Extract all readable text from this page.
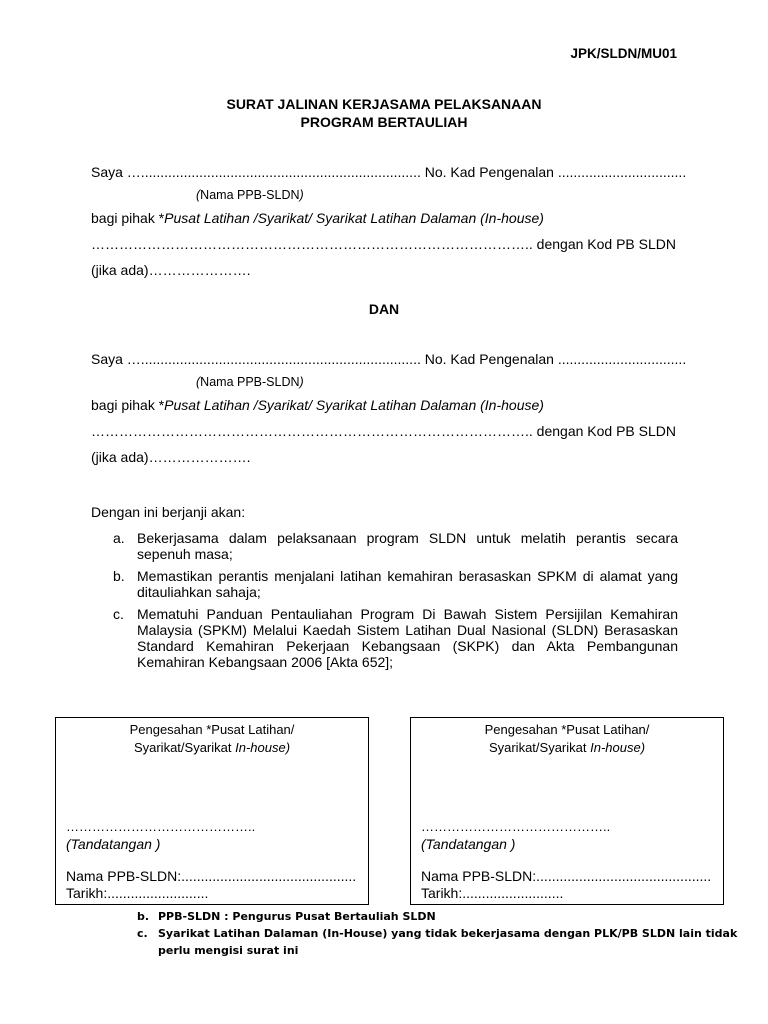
JPK/SLDN/MU01
SURAT JALINAN KERJASAMA PELAKSANAAN
PROGRAM BERTAULIAH
Saya …........................................................................ No. Kad Pengenalan .................................
(Nama PPB-SLDN)
bagi pihak *Pusat Latihan /Syarikat/ Syarikat Latihan Dalaman (In-house)
………………………………………………………………………………….. dengan Kod PB SLDN
(jika ada)………………….
DAN
Saya …........................................................................ No. Kad Pengenalan .................................
(Nama PPB-SLDN)
bagi pihak *Pusat Latihan /Syarikat/ Syarikat Latihan Dalaman (In-house)
………………………………………………………………………………….. dengan Kod PB SLDN
(jika ada)………………….
Dengan ini berjanji akan:
a. Bekerjasama dalam pelaksanaan program SLDN untuk melatih perantis secara sepenuh masa;
b. Memastikan perantis menjalani latihan kemahiran berasaskan SPKM di alamat yang ditauliahkan sahaja;
c. Mematuhi Panduan Pentauliahan Program Di Bawah Sistem Persijilan Kemahiran Malaysia (SPKM) Melalui Kaedah Sistem Latihan Dual Nasional (SLDN) Berasaskan Standard Kemahiran Pekerjaan Kebangsaan (SKPK) dan Akta Pembangunan Kemahiran Kebangsaan 2006 [Akta 652];
Pengesahan *Pusat Latihan/
Syarikat/Syarikat In-house)
……………………………………..
(Tandatangan )
Nama PPB-SLDN:.............................................
Tarikh:..........................
Pengesahan *Pusat Latihan/
Syarikat/Syarikat In-house)
……………………………………..
(Tandatangan )
Nama PPB-SLDN:.............................................
Tarikh:..........................
b. PPB-SLDN : Pengurus Pusat Bertauliah SLDN
c. Syarikat Latihan Dalaman (In-House) yang tidak bekerjasama dengan PLK/PB SLDN lain tidak
perlu mengisi surat ini
